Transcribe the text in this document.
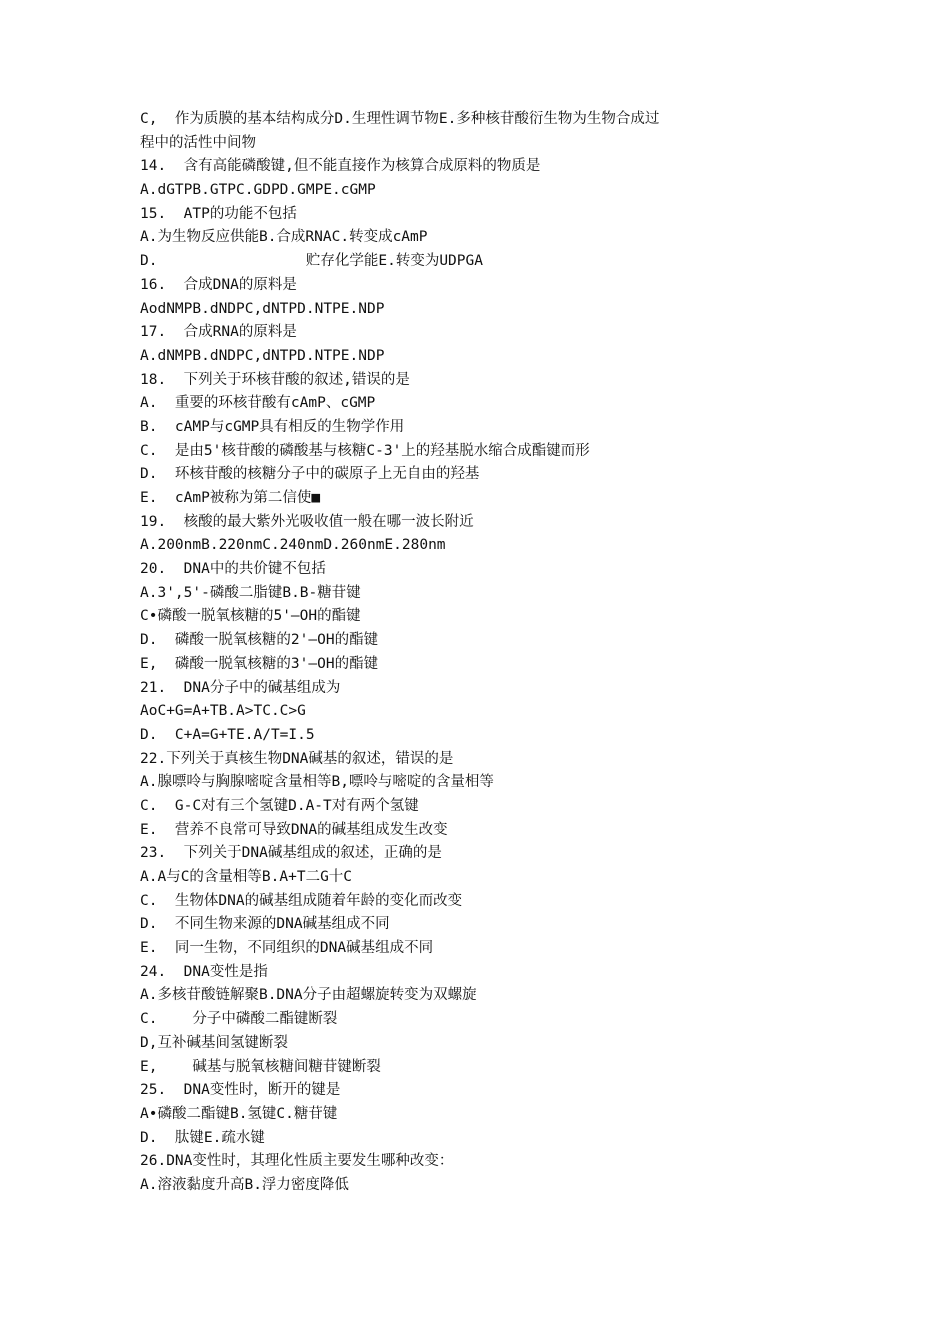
C,  作为质膜的基本结构成分D.生理性调节物E.多种核苷酸衍生物为生物合成过
程中的活性中间物
14.  含有高能磷酸键,但不能直接作为核算合成原料的物质是
A.dGTPB.GTPC.GDPD.GMPE.cGMP
15.  ATP的功能不包括
A.为生物反应供能B.合成RNAC.转变成cAmP
D.                 贮存化学能E.转变为UDPGA
16.  合成DNA的原料是
AodNMPB.dNDPC,dNTPD.NTPE.NDP
17.  合成RNA的原料是
A.dNMPB.dNDPC,dNTPD.NTPE.NDP
18.  下列关于环核苷酸的叙述,错误的是
A.  重要的环核苷酸有cAmP、cGMP
B.  cAMP与cGMP具有相反的生物学作用
C.  是由5'核苷酸的磷酸基与核糖C-3'上的羟基脱水缩合成酯键而形
D.  环核苷酸的核糖分子中的碳原子上无自由的羟基
E.  cAmP被称为第二信使■
19.  核酸的最大紫外光吸收值一般在哪一波长附近
A.200nmB.220nmC.240nmD.260nmE.280nm
20.  DNA中的共价键不包括
A.3',5'-磷酸二脂键B.B-糖苷键
C•磷酸一脱氧核糖的5'—OH的酯键
D.  磷酸一脱氧核糖的2'—OH的酯键
E,  磷酸一脱氧核糖的3'—OH的酯键
21.  DNA分子中的碱基组成为
AoC+G=A+TB.A>TC.C>G
D.  C+A=G+TE.A/T=I.5
22.下列关于真核生物DNA碱基的叙述，错误的是
A.腺嘌呤与胸腺嘧啶含量相等B,嘌呤与嘧啶的含量相等
C.  G-C对有三个氢键D.A-T对有两个氢键
E.  营养不良常可导致DNA的碱基组成发生改变
23.  下列关于DNA碱基组成的叙述，正确的是
A.A与C的含量相等B.A+T二G十C
C.  生物体DNA的碱基组成随着年龄的变化而改变
D.  不同生物来源的DNA碱基组成不同
E.  同一生物，不同组织的DNA碱基组成不同
24.  DNA变性是指
A.多核苷酸链解聚B.DNA分子由超螺旋转变为双螺旋
C.    分子中磷酸二酯键断裂
D,互补碱基间氢键断裂
E,    碱基与脱氧核糖间糖苷键断裂
25.  DNA变性时，断开的键是
A•磷酸二酯键B.氢键C.糖苷键
D.  肽键E.疏水键
26.DNA变性时，其理化性质主要发生哪种改变：
A.溶液黏度升高B.浮力密度降低
